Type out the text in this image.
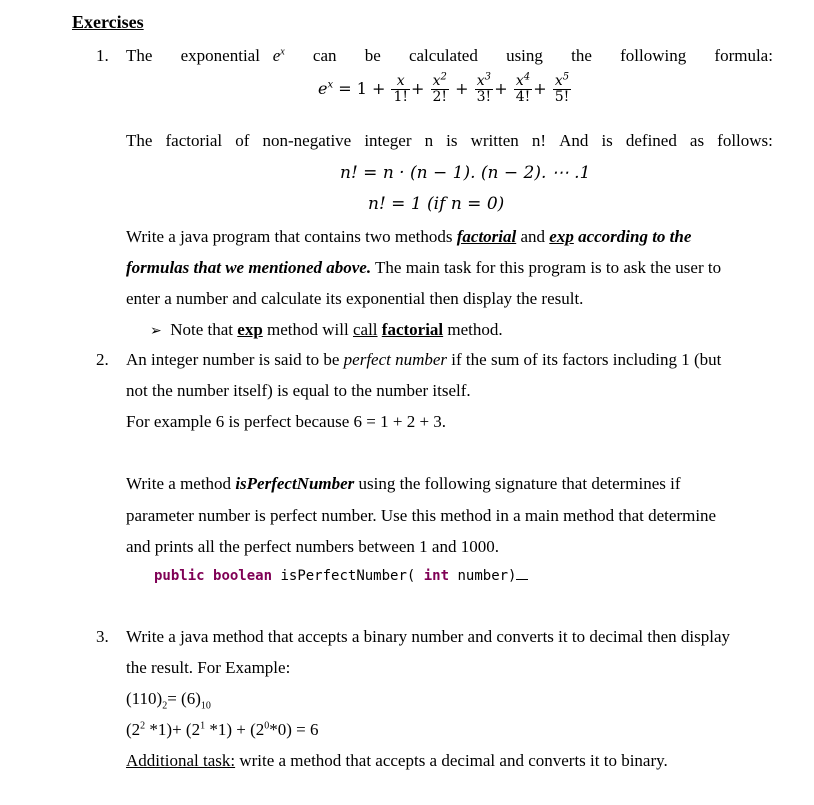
Exercises
1. The exponential $e^x$ can be calculated using the following formula:
$e^x = 1 + \frac{x}{1!} + \frac{x^2}{2!} + \frac{x^3}{3!} + \frac{x^4}{4!} + \frac{x^5}{5!}$
The factorial of non-negative integer n is written n! And is defined as follows:
n! = n · (n − 1). (n − 2). ⋯ .1
n! = 1 (if n = 0)
Write a java program that contains two methods factorial and exp according to the
formulas that we mentioned above. The main task for this program is to ask the user to
enter a number and calculate its exponential then display the result.
➢ Note that exp method will call factorial method.
2. An integer number is said to be perfect number if the sum of its factors including 1 (but
not the number itself) is equal to the number itself.
For example 6 is perfect because 6 = 1 + 2 + 3.
Write a method isPerfectNumber using the following signature that determines if
parameter number is perfect number. Use this method in a main method that determine
and prints all the perfect numbers between 1 and 1000.
public boolean isPerfectNumber( int number)
3. Write a java method that accepts a binary number and converts it to decimal then display
the result. For Example:
$(110)_2= (6)_{10}$
($2^2$ $*1)+ (2^1$ $*1) + (2^0*0) = 6$
Additional task: write a method that accepts a decimal and converts it to binary.
